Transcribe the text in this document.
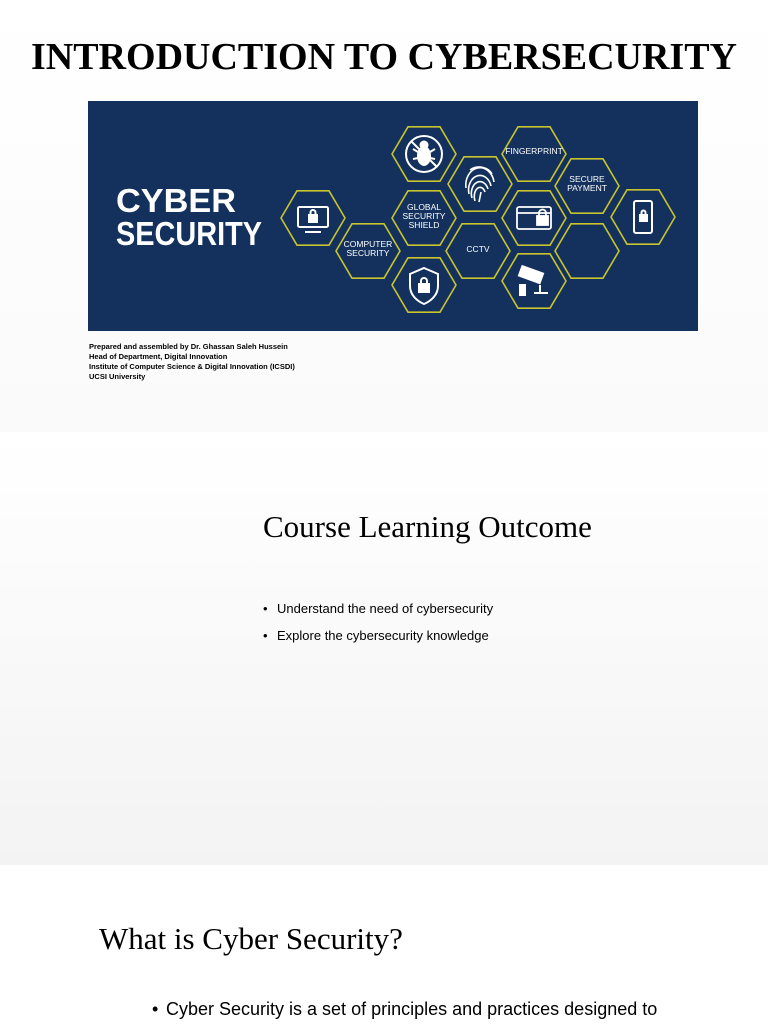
INTRODUCTION TO CYBERSECURITY
CYBER
SECURITY
FINGERPRINT
SECURE
PAYMENT
GLOBAL
SECURITY
SHIELD
COMPUTER
SECURITY	CCTV
Prepared and assembled by Dr. Ghassan Saleh Hussein
Head of Department, Digital Innovation
Institute of Computer Science & Digital Innovation (ICSDI)
UCSI University
Course Learning Outcome
• Understand the need of cybersecurity
• Explore the cybersecurity knowledge
What is Cyber Security?
• Cyber Security is a set of principles and practices designed to
